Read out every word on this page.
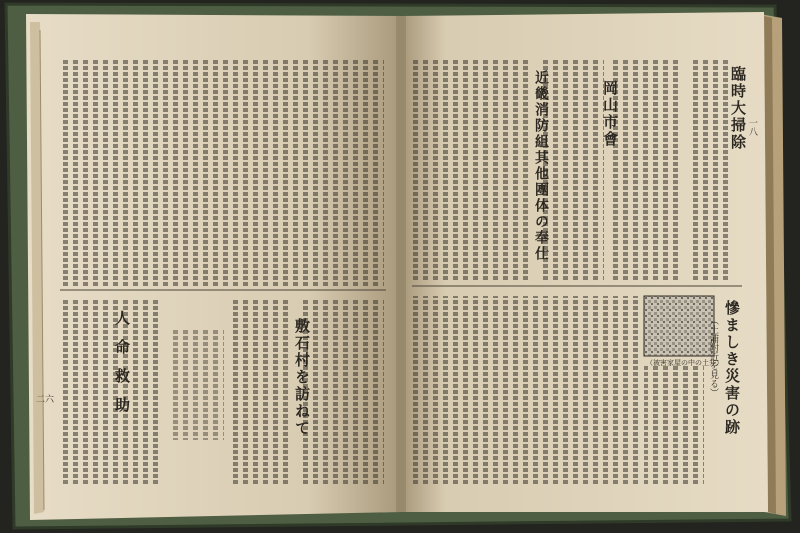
臨時大掃除
岡山市會
近畿消防組其他團体の奉仕
慘ましき災害の跡
（土浦附近を見る）
（被害家屋の中の土井）
敷石村を訪ねて
人命救助
一八
二六
